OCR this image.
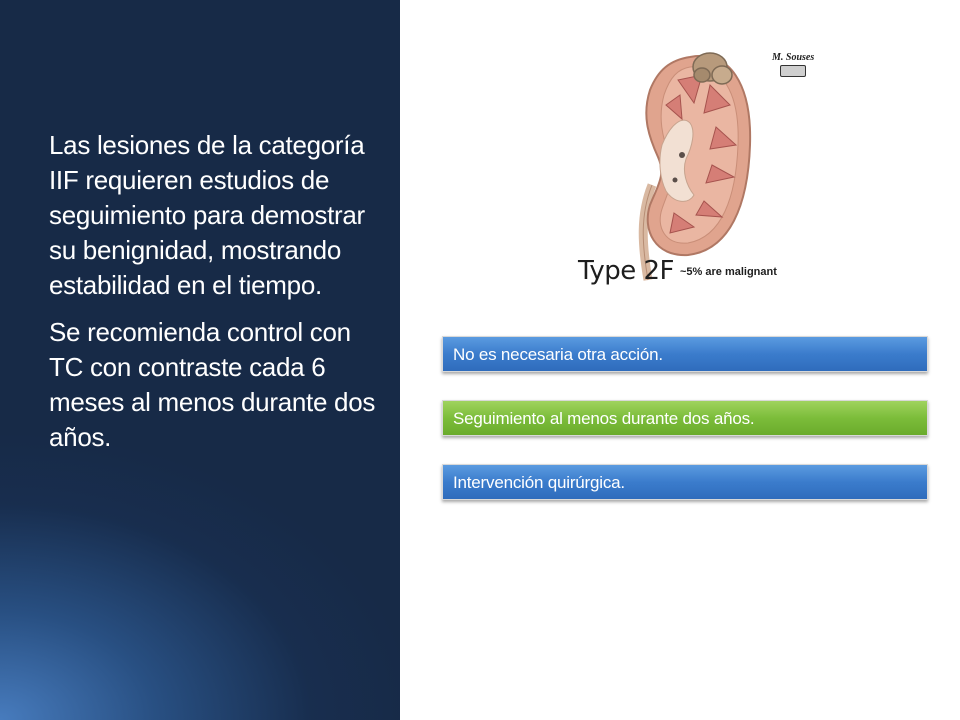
Las lesiones de la categoría IIF requieren estudios de seguimiento para demostrar su benignidad, mostrando estabilidad en el tiempo.

Se recomienda control con TC con contraste cada 6 meses al menos durante dos años.

Type 2F ~5% are malignant
M. Souses
No es necesaria otra acción.
Seguimiento al menos durante dos años.
Intervención quirúrgica.
